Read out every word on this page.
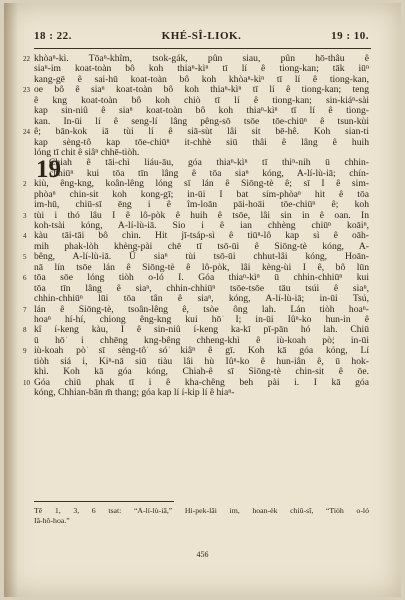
18 : 22.	KHÉ-SÎ-LIOK.	19 : 10.
22 khòaⁿ-kì. Tōaⁿ-khîm, tsok-gák, pûn siau, pûn hō-thâu ê
siaⁿ-im koat-toàn bô koh thiaⁿ-kìⁿ tī lí ê tiong-kan; tāk iūⁿ
kang-gē ê sai-hū koat-toàn bô koh khòaⁿ-kìⁿ tī lí ê tiong-kan,
23 oe bô ê siaⁿ koat-toàn bô koh thiaⁿ-kìⁿ tī lí ê tiong-kan; teng
ê kng koat-toàn bô koh chiò tī lí ê tiong-kan; sin-kiáⁿ-sài
kap sin-niû ê siaⁿ koat-toàn bô koh thiaⁿ-kìⁿ tī lí ê tiong-
kan. In-ūi lí ê seng-lí lâng pêng-sō tsōe tōe-chiūⁿ ê tsun-kùi
24 ê; bān-kok iā tùi lí ê siā-sùt lâi sit bē-hê. Koh sian-ti
kap sèng-tô kap tōe-chiūⁿ it-chhè siū thâi ê lâng ê huih
lóng tī chit ê siâⁿ chhē-tiòh.
19
Chiah ê tāi-chì liáu-āu, góa thiaⁿ-kìⁿ tī thiⁿ-nih ū chhin-
chhiūⁿ kui tōa tīn lâng ê tōa siaⁿ kóng, A-lí-lù-iā; chín-
2 kiù, êng-kng, koân-lêng lóng sī lán ê Siōng-tè ê; sī I ê sim-
phòaⁿ chin-sit koh kong-gī; in-ūi I bat sím-phòaⁿ hit ê tōa
im-hū, chiū-sī ēng i ê îm-loān pāi-hoāi tōe-chiūⁿ ê; koh
3 tùi i thó lâu I ê lô-pòk ê huih ê tsōe, lâi sin in ê oan. In
koh-tsài kóng, A-lí-lù-iā. Sio i ê ian chhèng chiūⁿ koāiⁿ,
4 kàu tāi-tāi bô chìn. Hit jī-tsáp-sì ê tiūⁿ-lô kap sì ê oāh-
mih phak-lòh khèng-pài chē tī tsō-ūi ê Siōng-tè kóng, A-
5 bêng, A-lí-lù-iā. Ū siaⁿ tùi tsō-ūi chhut-lâi kóng, Hoān-
nā lín tsōe lán ê Siōng-tè ê lô-pòk, lâi kèng-ùi I ê, bô lūn
6 tōa sōe lóng tiòh o-ló I. Góa thiaⁿ-kìⁿ ū chhin-chhiūⁿ kui
tōa tīn lâng ê siaⁿ, chhin-chhiūⁿ tsōe-tsōe tāu tsúi ê siaⁿ,
chhin-chhiūⁿ lūi tōa tân ê siaⁿ, kóng, A-lí-lù-iā; in-ūi Tsú,
7 lán ê Siōng-tè, tsoân-lêng ê, tsòe ông lah. Lán tiòh hoaⁿ-
hoaⁿ hí-hí, chiong êng-kng kui hō͘ I; in-ūi Iûⁿ-ko hun-in ê
8 kî í-keng kàu, I ê sin-niû í-keng ka-kī pī-pān hó lah. Chiū
ū hō͘ i chhēng kng-bêng chheng-khì ê iù-koah pò͘; in-ūi
9 iù-koah pò͘ sī sèng-tô͘ só͘ kiâⁿ ê gī. Koh kā góa kóng, Lí
tiòh siá i, Kiⁿ-nā siū tiàu lâi hù Iûⁿ-ko ê hun-iân ê, ū hok-
khì. Koh kā góa kóng, Chiah-ê sī Siōng-tè chin-sit ê ōe.
10 Góa chiū phak tī i ê kha-chêng beh pài i. I kā góa
kóng, Chhian-bān m̄ thang; góa kap lí í-kip lí ê hiaⁿ-
Tē 1, 3, 6 tsat: “A-lí-lù-iā,” Hi-pek-lâi im, hoan-èk chiū-sī, “Tiòh o-ló
Iâ-hô-hoa.”
456
